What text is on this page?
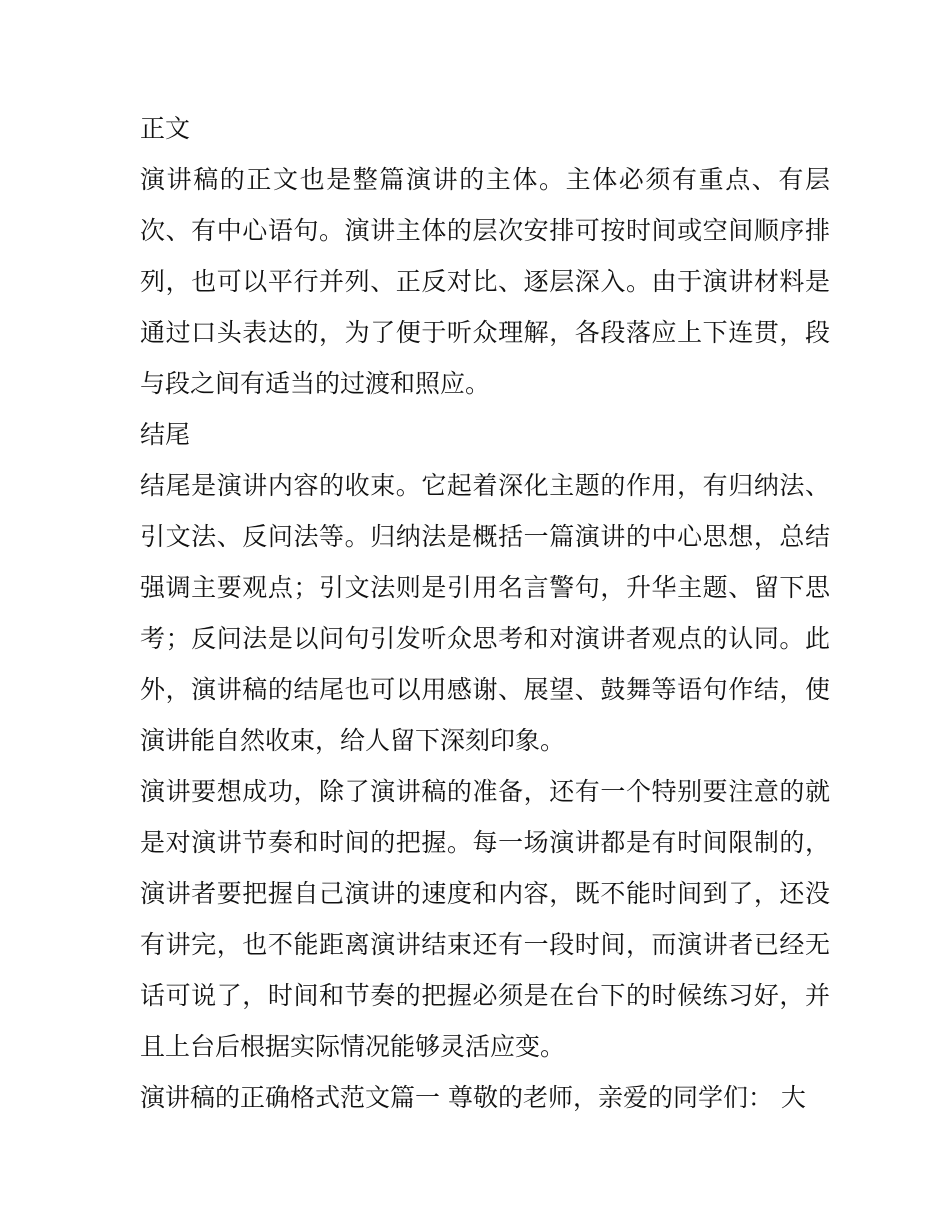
正文

演讲稿的正文也是整篇演讲的主体。主体必须有重点、有层次、有中心语句。演讲主体的层次安排可按时间或空间顺序排列，也可以平行并列、正反对比、逐层深入。由于演讲材料是通过口头表达的，为了便于听众理解，各段落应上下连贯，段与段之间有适当的过渡和照应。

结尾

结尾是演讲内容的收束。它起着深化主题的作用，有归纳法、引文法、反问法等。归纳法是概括一篇演讲的中心思想，总结强调主要观点；引文法则是引用名言警句，升华主题、留下思考；反问法是以问句引发听众思考和对演讲者观点的认同。此外，演讲稿的结尾也可以用感谢、展望、鼓舞等语句作结，使演讲能自然收束，给人留下深刻印象。

演讲要想成功，除了演讲稿的准备，还有一个特别要注意的就是对演讲节奏和时间的把握。每一场演讲都是有时间限制的，演讲者要把握自己演讲的速度和内容，既不能时间到了，还没有讲完，也不能距离演讲结束还有一段时间，而演讲者已经无话可说了，时间和节奏的把握必须是在台下的时候练习好，并且上台后根据实际情况能够灵活应变。

演讲稿的正确格式范文篇一 尊敬的老师，亲爱的同学们： 大
